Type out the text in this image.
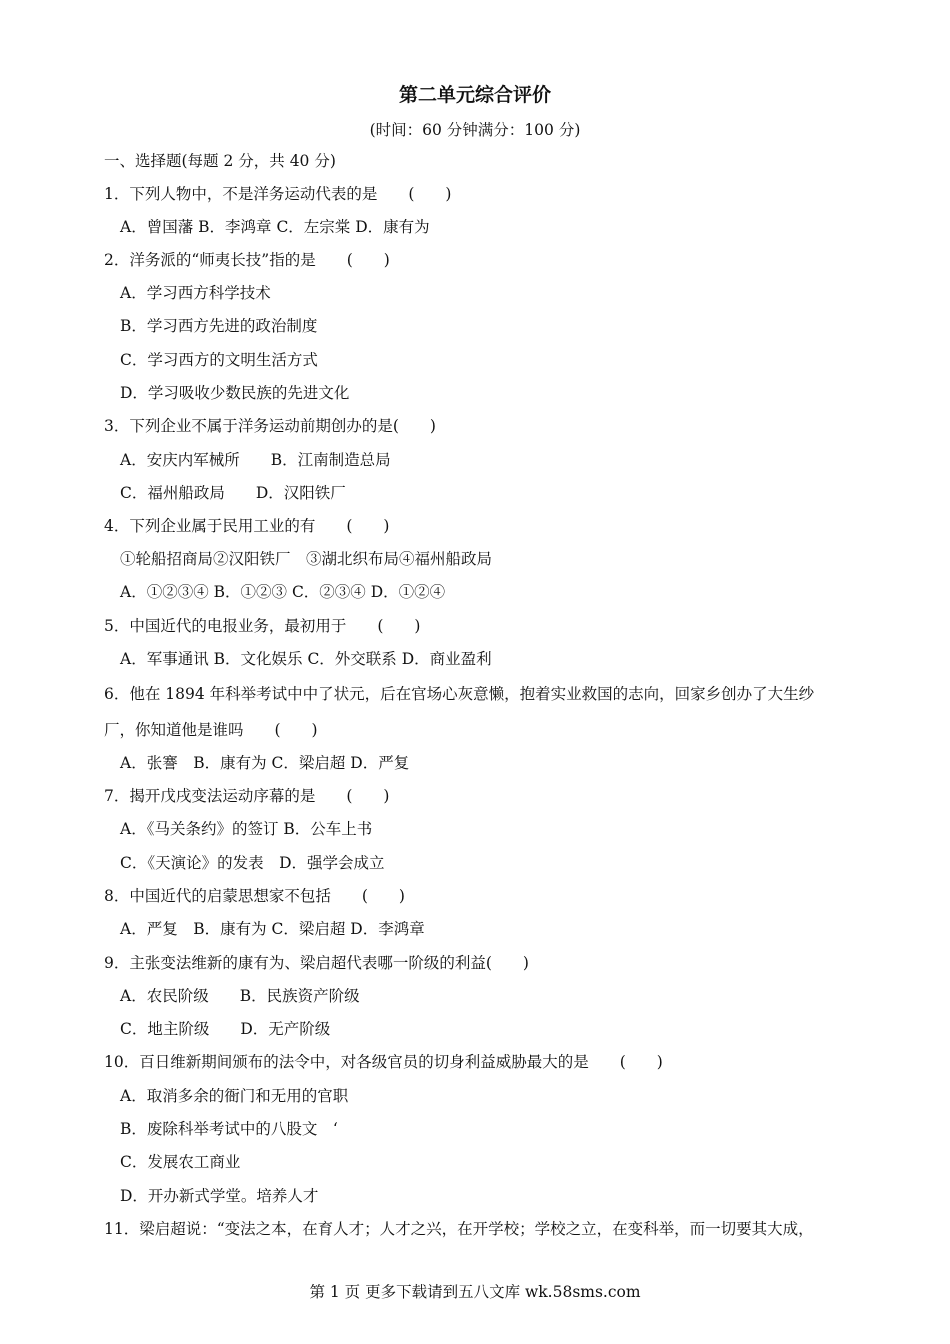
第二单元综合评价
(时间：60 分钟满分：100 分)
一、选择题(每题 2 分，共 40 分)
1．下列人物中，不是洋务运动代表的是　　(　　)
A．曾国藩 B．李鸿章 C．左宗棠 D．康有为
2．洋务派的“师夷长技”指的是　　(　　)
A．学习西方科学技术
B．学习西方先进的政治制度
C．学习西方的文明生活方式
D．学习吸收少数民族的先进文化
3．下列企业不属于洋务运动前期创办的是(　　)
A．安庆内军械所　　B．江南制造总局
C．福州船政局　　D．汉阳铁厂
4．下列企业属于民用工业的有　　(　　)
①轮船招商局②汉阳铁厂　③湖北织布局④福州船政局
A．①②③④ B．①②③ C．②③④ D．①②④
5．中国近代的电报业务，最初用于　　(　　)
A．军事通讯 B．文化娱乐 C．外交联系 D．商业盈利
6．他在 1894 年科举考试中中了状元，后在官场心灰意懒，抱着实业救国的志向，回家乡创办了大生纱
厂，你知道他是谁吗　　(　　)
A．张謇　B．康有为 C．梁启超 D．严复
7．揭开戊戌变法运动序幕的是　　(　　)
A．《马关条约》的签订 B．公车上书
C．《天演论》的发表　D．强学会成立
8．中国近代的启蒙思想家不包括　　(　　)
A．严复　B．康有为 C．梁启超 D．李鸿章
9．主张变法维新的康有为、梁启超代表哪一阶级的利益(　　)
A．农民阶级　　B．民族资产阶级
C．地主阶级　　D．无产阶级
10．百日维新期间颁布的法令中，对各级官员的切身利益威胁最大的是　　(　　)
A．取消多余的衙门和无用的官职
B．废除科举考试中的八股文　‘
C．发展农工商业
D．开办新式学堂。培养人才
11．梁启超说：“变法之本，在育人才；人才之兴，在开学校；学校之立，在变科举，而一切要其大成，
第 1 页 更多下载请到五八文库 wk.58sms.com
